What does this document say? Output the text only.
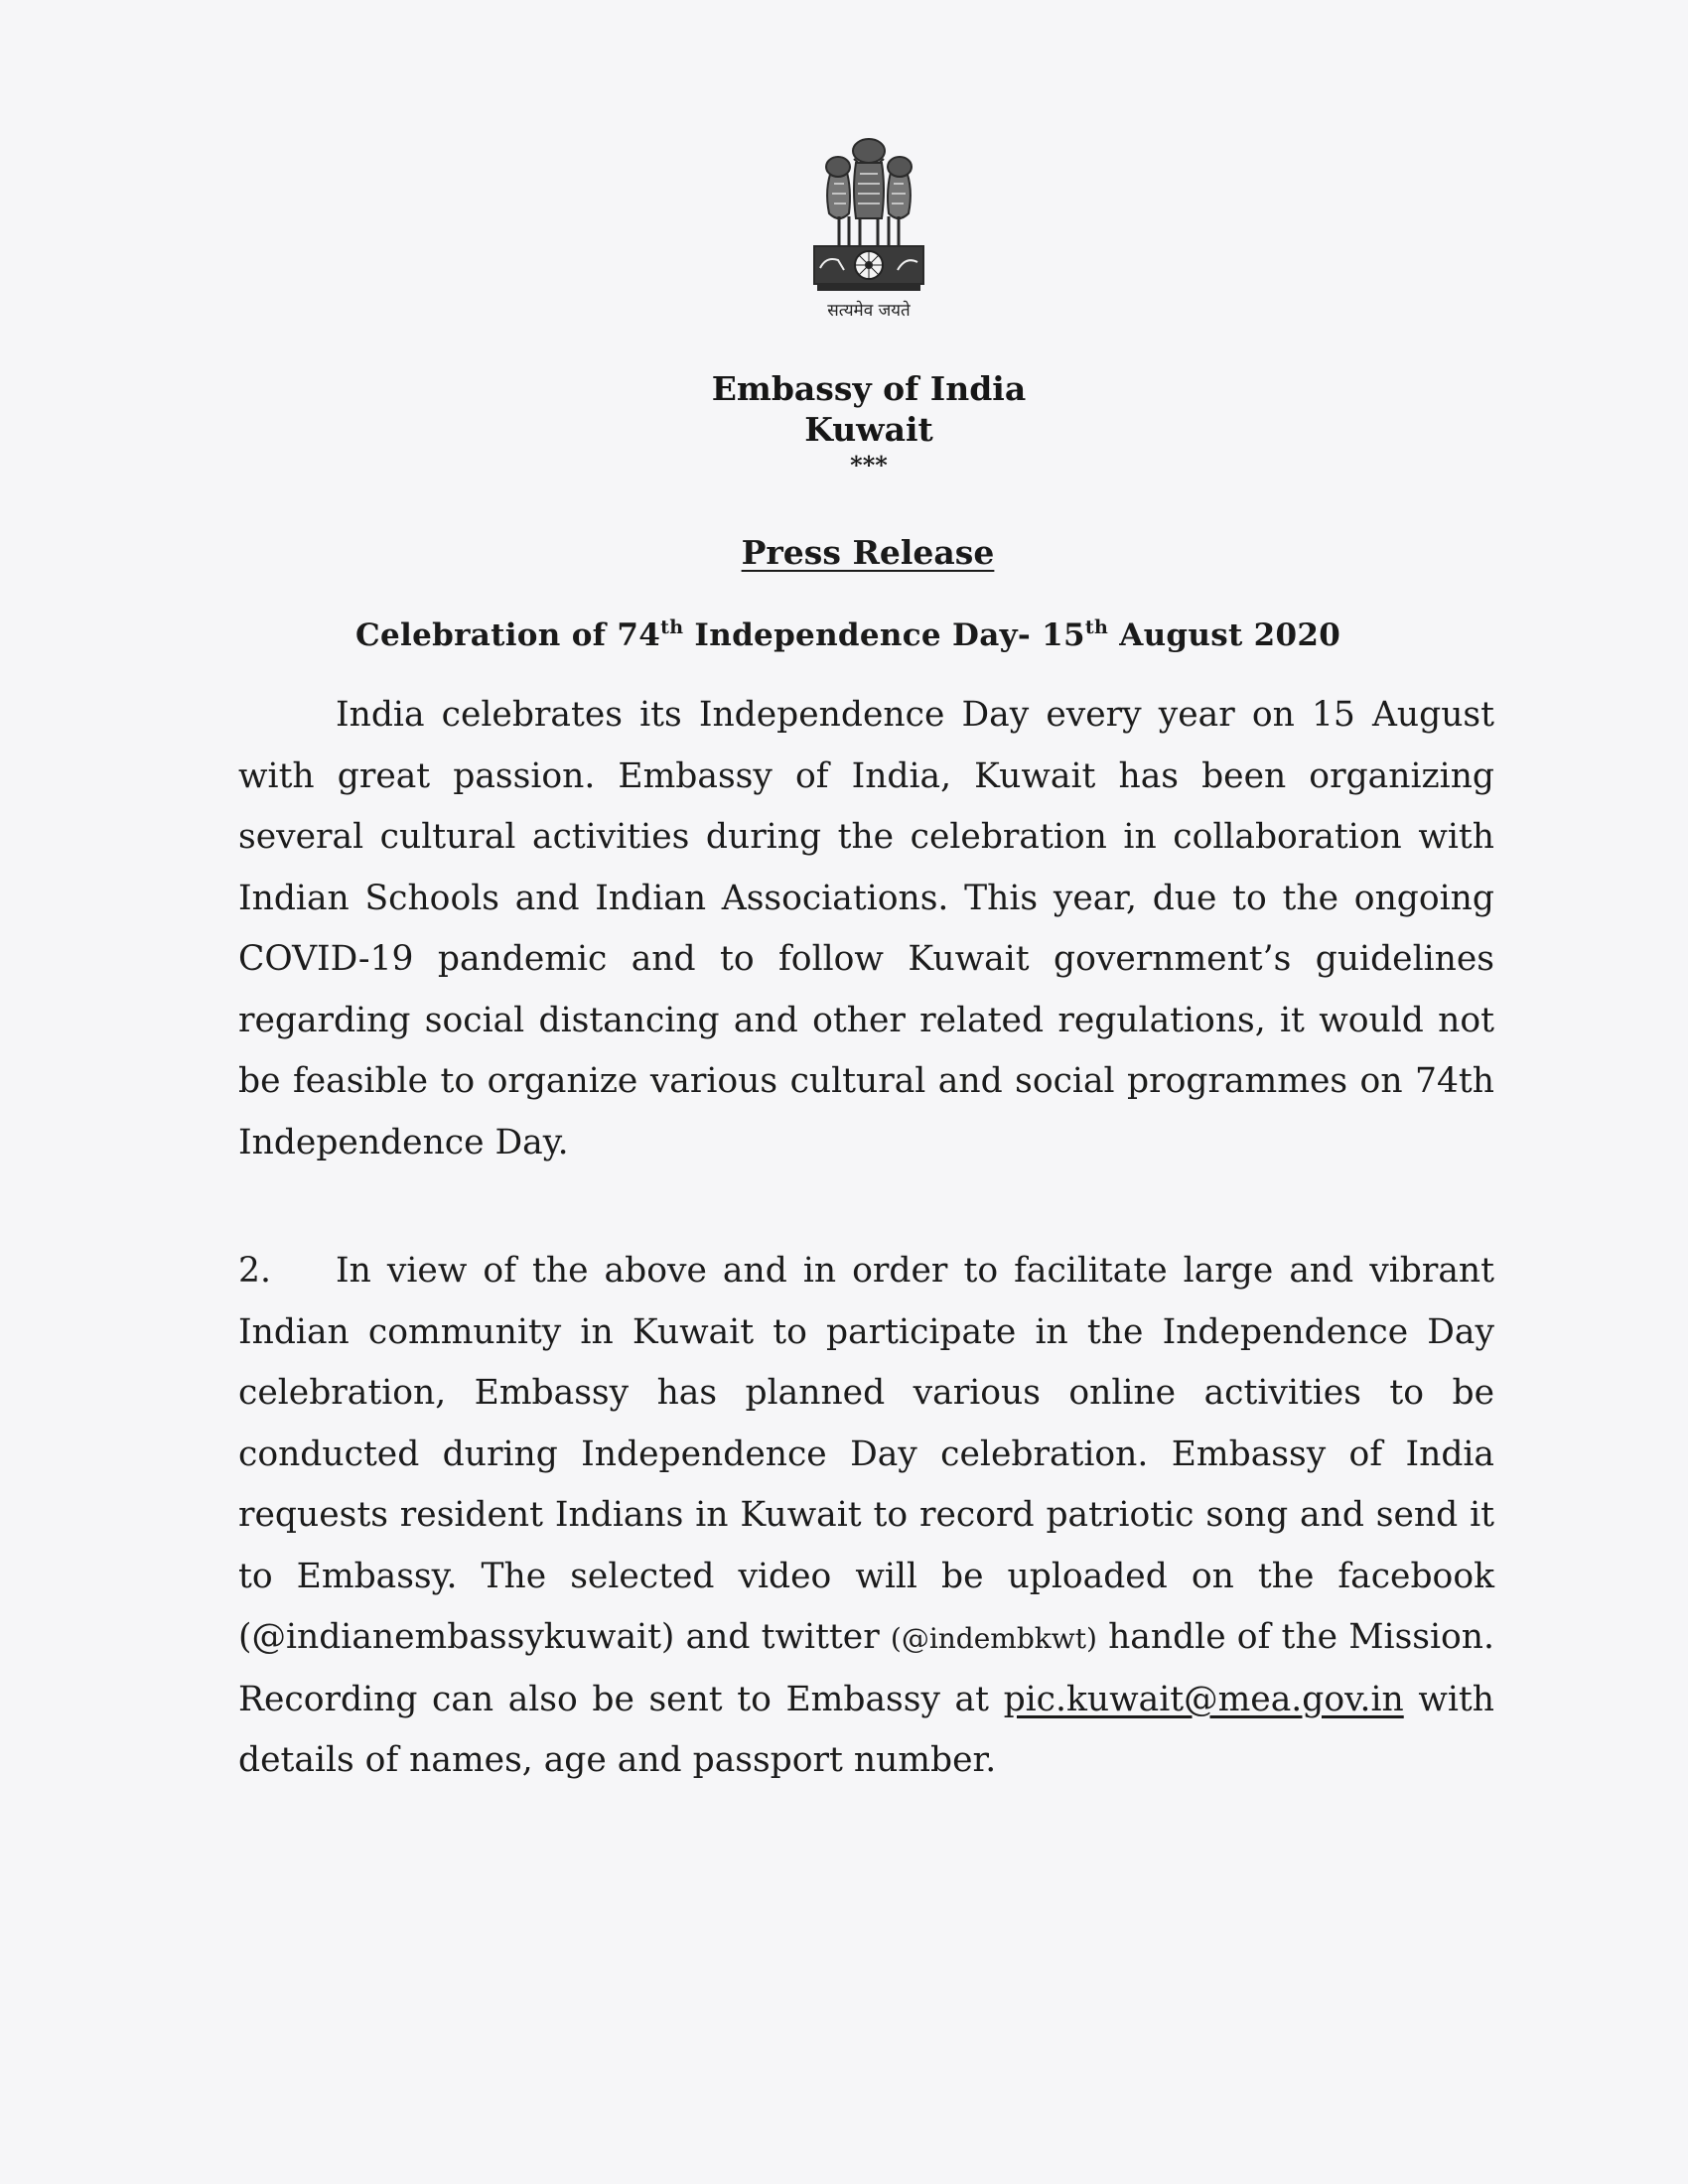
सत्यमेव जयते
Embassy of India
Kuwait
***
Press Release
Celebration of 74th Independence Day- 15th August 2020
India celebrates its Independence Day every year on 15 August with great passion. Embassy of India, Kuwait has been organizing several cultural activities during the celebration in collaboration with Indian Schools and Indian Associations. This year, due to the ongoing COVID-19 pandemic and to follow Kuwait government’s guidelines regarding social distancing and other related regulations, it would not be feasible to organize various cultural and social programmes on 74th Independence Day.
2. In view of the above and in order to facilitate large and vibrant Indian community in Kuwait to participate in the Independence Day celebration, Embassy has planned various online activities to be conducted during Independence Day celebration. Embassy of India requests resident Indians in Kuwait to record patriotic song and send it to Embassy. The selected video will be uploaded on the facebook (@indianembassykuwait) and twitter (@indembkwt) handle of the Mission. Recording can also be sent to Embassy at pic.kuwait@mea.gov.in with details of names, age and passport number.
